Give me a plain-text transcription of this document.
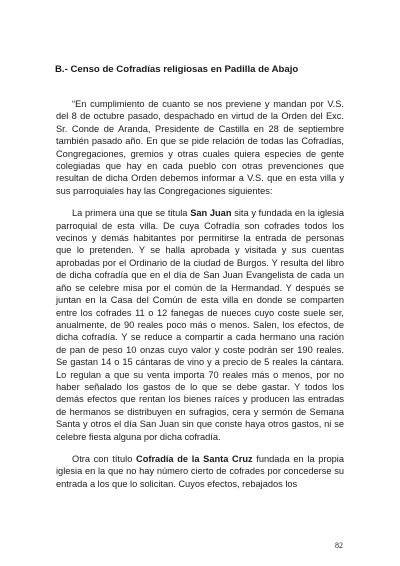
B.- Censo de Cofradías religiosas en Padilla de Abajo

“En cumplimiento de cuanto se nos previene y mandan por V.S. del 8 de octubre pasado, despachado en virtud de la Orden del Exc. Sr. Conde de Aranda, Presidente de Castilla en 28 de septiembre también pasado año. En que se pide relación de todas las Cofradías, Congregaciones, gremios y otras cuales quiera especies de gente colegiadas que hay en cada pueblo con otras prevenciones que resultan de dicha Orden debemos informar a V.S. que en esta villa y sus parroquiales hay las Congregaciones siguientes:

La primera una que se titula San Juan sita y fundada en la iglesia parroquial de esta villa. De cuya Cofradía son cofrades todos los vecinos y demás habitantes por permitirse la entrada de personas que lo pretenden. Y se halla aprobada y visitada y sus cuentas aprobadas por el Ordinario de la ciudad de Burgos. Y resulta del libro de dicha cofradía que en el día de San Juan Evangelista de cada un año se celebre misa por el común de la Hermandad. Y después se juntan en la Casa del Común de esta villa en donde se comparten entre los cofrades 11 o 12 fanegas de nueces cuyo coste suele ser, anualmente, de 90 reales poco más o menos. Salen, los efectos, de dicha cofradía. Y se reduce a compartir a cada hermano una ración de pan de peso 10 onzas cuyo valor y coste podrán ser 190 reales. Se gastan 14 o 15 cántaras de vino y a precio de 5 reales la cántara. Lo regulan a que su venta importa 70 reales más o menos, por no haber señalado los gastos de lo que se debe gastar. Y todos los demás efectos que rentan los bienes raíces y producen las entradas de hermanos se distribuyen en sufragios, cera y sermón de Semana Santa y otros el día San Juan sin que conste haya otros gastos, ni se celebre fiesta alguna por dicha cofradía.

Otra con título Cofradía de la Santa Cruz fundada en la propia iglesia en la que no hay número cierto de cofrades por concederse su entrada a los que lo solicitan. Cuyos efectos, rebajados los

82
